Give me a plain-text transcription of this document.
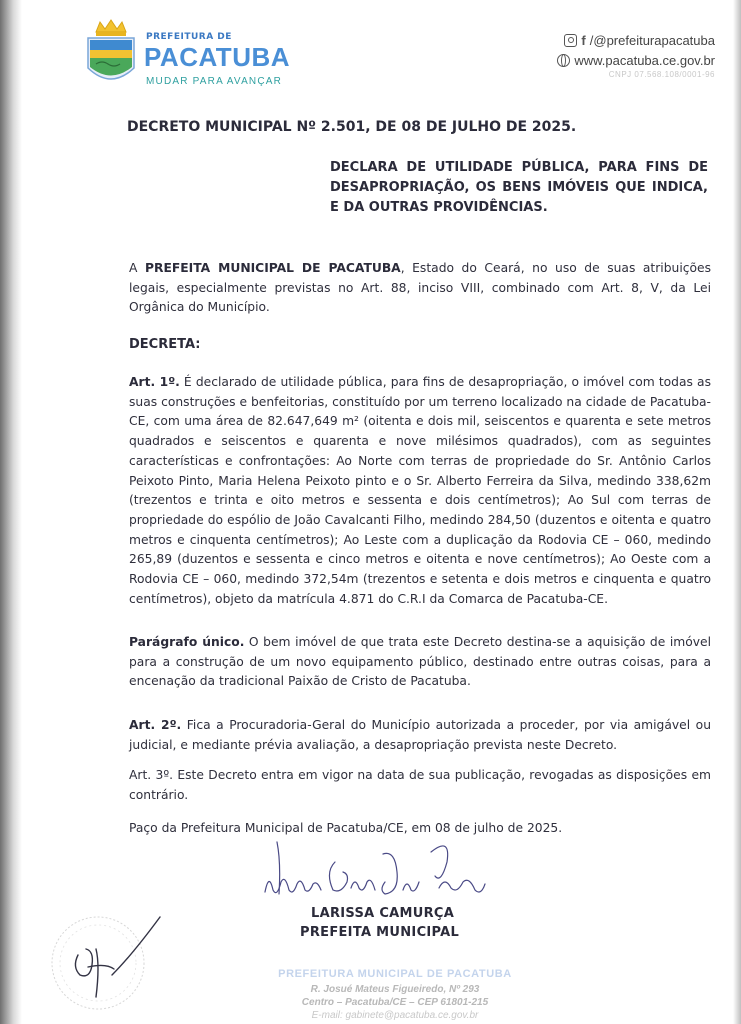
PREFEITURA DE
PACATUBA
MUDAR PARA AVANÇAR
f /@prefeiturapacatuba
www.pacatuba.ce.gov.br
CNPJ 07.568.108/0001-96
DECRETO MUNICIPAL Nº 2.501, DE 08 DE JULHO DE 2025.
DECLARA DE UTILIDADE PÚBLICA, PARA FINS DE DESAPROPRIAÇÃO, OS BENS IMÓVEIS QUE INDICA, E DA OUTRAS PROVIDÊNCIAS.
A PREFEITA MUNICIPAL DE PACATUBA, Estado do Ceará, no uso de suas atribuições legais, especialmente previstas no Art. 88, inciso VIII, combinado com Art. 8, V, da Lei Orgânica do Município.
DECRETA:
Art. 1º. É declarado de utilidade pública, para fins de desapropriação, o imóvel com todas as suas construções e benfeitorias, constituído por um terreno localizado na cidade de Pacatuba-CE, com uma área de 82.647,649 m² (oitenta e dois mil, seiscentos e quarenta e sete metros quadrados e seiscentos e quarenta e nove milésimos quadrados), com as seguintes características e confrontações: Ao Norte com terras de propriedade do Sr. Antônio Carlos Peixoto Pinto, Maria Helena Peixoto pinto e o Sr. Alberto Ferreira da Silva, medindo 338,62m (trezentos e trinta e oito metros e sessenta e dois centímetros); Ao Sul com terras de propriedade do espólio de João Cavalcanti Filho, medindo 284,50 (duzentos e oitenta e quatro metros e cinquenta centímetros); Ao Leste com a duplicação da Rodovia CE – 060, medindo 265,89 (duzentos e sessenta e cinco metros e oitenta e nove centímetros); Ao Oeste com a Rodovia CE – 060, medindo 372,54m (trezentos e setenta e dois metros e cinquenta e quatro centímetros), objeto da matrícula 4.871 do C.R.I da Comarca de Pacatuba-CE.
Parágrafo único. O bem imóvel de que trata este Decreto destina-se a aquisição de imóvel para a construção de um novo equipamento público, destinado entre outras coisas, para a encenação da tradicional Paixão de Cristo de Pacatuba.
Art. 2º. Fica a Procuradoria-Geral do Município autorizada a proceder, por via amigável ou judicial, e mediante prévia avaliação, a desapropriação prevista neste Decreto.
Art. 3º. Este Decreto entra em vigor na data de sua publicação, revogadas as disposições em contrário.
Paço da Prefeitura Municipal de Pacatuba/CE, em 08 de julho de 2025.
LARISSA CAMURÇA
PREFEITA MUNICIPAL
PREFEITURA MUNICIPAL DE PACATUBA
R. Josué Mateus Figueiredo, Nº 293
Centro – Pacatuba/CE – CEP 61801-215
E-mail: gabinete@pacatuba.ce.gov.br
